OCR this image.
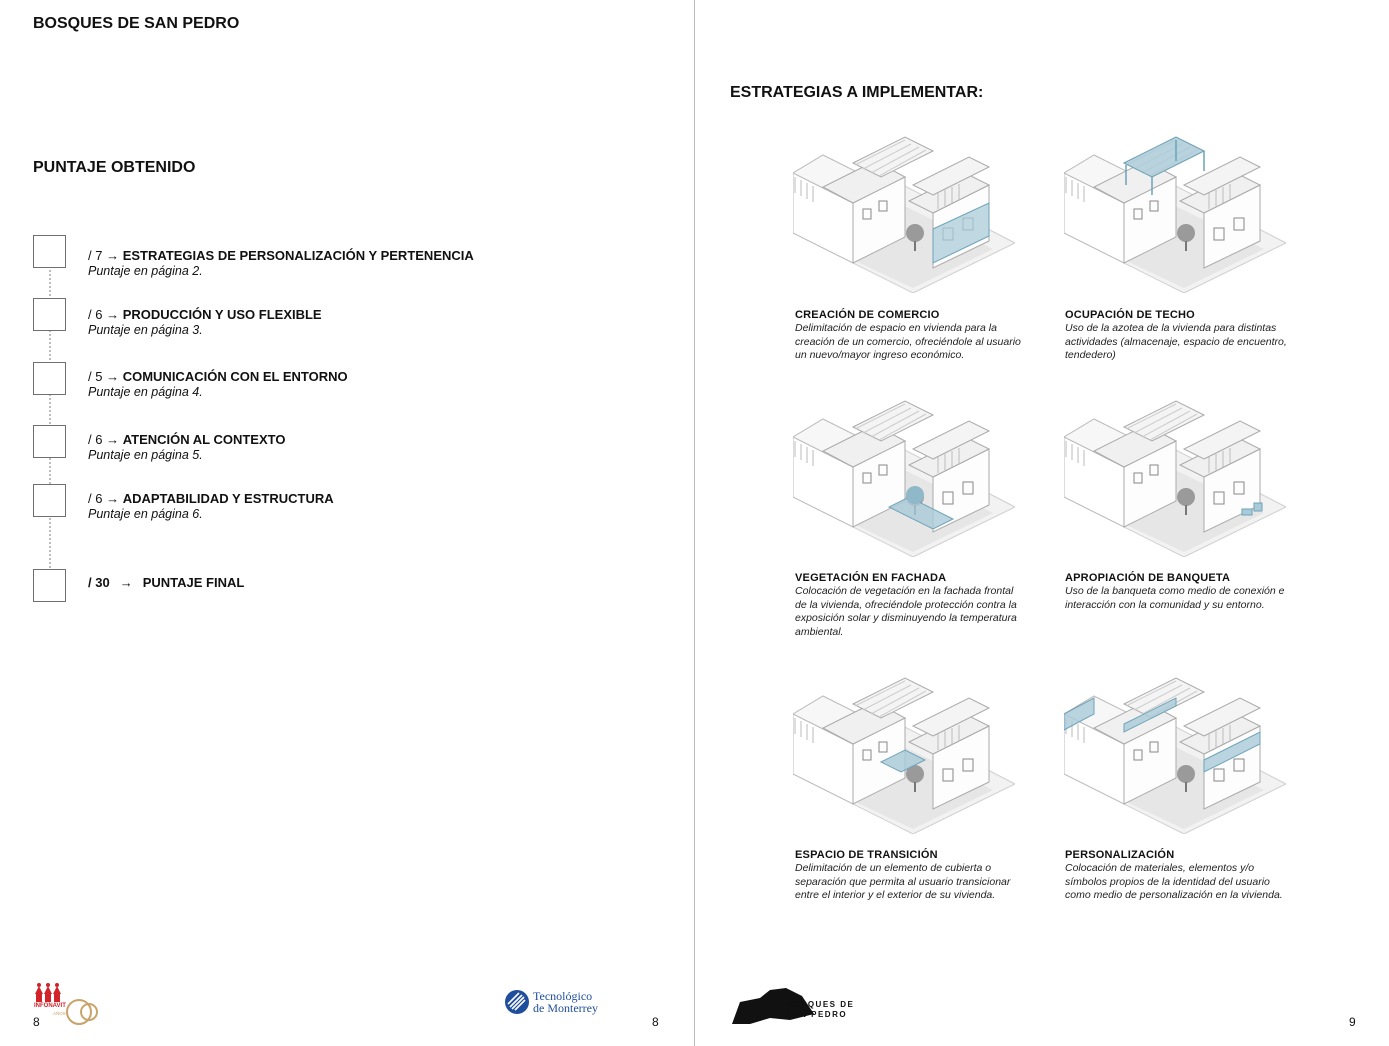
BOSQUES DE SAN PEDRO
PUNTAJE OBTENIDO
/ 7 → ESTRATEGIAS DE PERSONALIZACIÓN Y PERTENENCIA
Puntaje en página 2.
/ 6 → PRODUCCIÓN Y USO FLEXIBLE
Puntaje en página 3.
/ 5 → COMUNICACIÓN CON EL ENTORNO
Puntaje en página 4.
/ 6 → ATENCIÓN AL CONTEXTO
Puntaje en página 5.
/ 6 → ADAPTABILIDAD Y ESTRUCTURA
Puntaje en página 6.
/ 30 → PUNTAJE FINAL
INFONAVIT
AÑOS
8
Tecnológico
de Monterrey
8
ESTRATEGIAS A IMPLEMENTAR:
CREACIÓN DE COMERCIO
Delimitación de espacio en vivienda para la creación de un comercio, ofreciéndole al usuario un nuevo/mayor ingreso económico.
OCUPACIÓN DE TECHO
Uso de la azotea de la vivienda para distintas actividades (almacenaje, espacio de encuentro, tendedero)
VEGETACIÓN EN FACHADA
Colocación de vegetación en la fachada frontal de la vivienda, ofreciéndole protección contra la exposición solar y disminuyendo la temperatura ambiental.
APROPIACIÓN DE BANQUETA
Uso de la banqueta como medio de conexión e interacción con la comunidad y su entorno.
ESPACIO DE TRANSICIÓN
Delimitación de un elemento de cubierta o separación que permita al usuario transicionar entre el interior y el exterior de su vivienda.
PERSONALIZACIÓN
Colocación de materiales, elementos y/o símbolos propios de la identidad del usuario como medio de personalización en la vivienda.
BOSQUES DE
SAN PEDRO
9
